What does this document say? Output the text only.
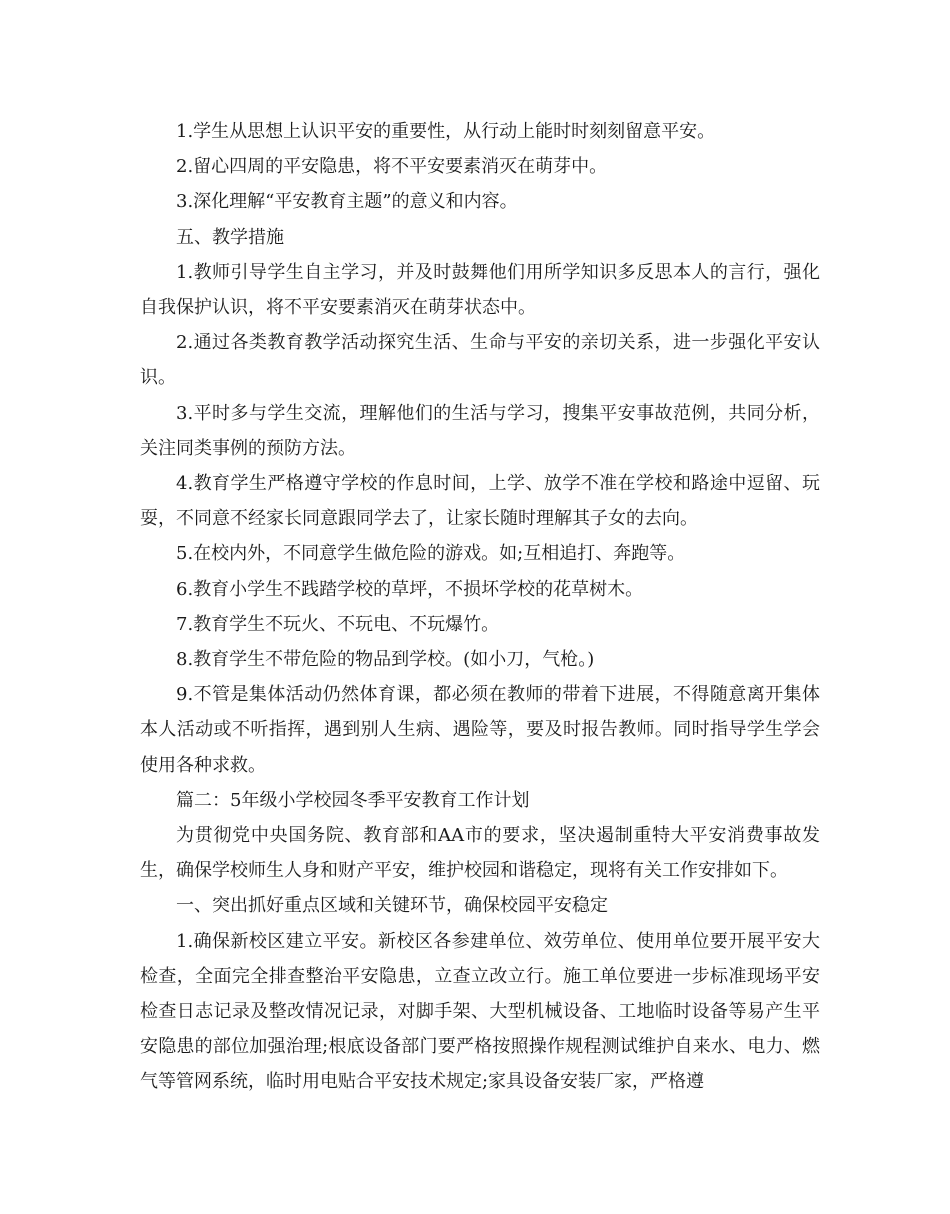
1.学生从思想上认识平安的重要性，从行动上能时时刻刻留意平安。

2.留心四周的平安隐患，将不平安要素消灭在萌芽中。

3.深化理解“平安教育主题”的意义和内容。

五、教学措施

1.教师引导学生自主学习，并及时鼓舞他们用所学知识多反思本人的言行，强化自我保护认识，将不平安要素消灭在萌芽状态中。

2.通过各类教育教学活动探究生活、生命与平安的亲切关系，进一步强化平安认识。

3.平时多与学生交流，理解他们的生活与学习，搜集平安事故范例，共同分析，关注同类事例的预防方法。

4.教育学生严格遵守学校的作息时间，上学、放学不准在学校和路途中逗留、玩耍，不同意不经家长同意跟同学去了，让家长随时理解其子女的去向。

5.在校内外，不同意学生做危险的游戏。如;互相追打、奔跑等。

6.教育小学生不践踏学校的草坪，不损坏学校的花草树木。

7.教育学生不玩火、不玩电、不玩爆竹。

8.教育学生不带危险的物品到学校。(如小刀，气枪。)

9.不管是集体活动仍然体育课，都必须在教师的带着下进展，不得随意离开集体本人活动或不听指挥，遇到别人生病、遇险等，要及时报告教师。同时指导学生学会使用各种求救。

篇二：5年级小学校园冬季平安教育工作计划

为贯彻党中央国务院、教育部和AA市的要求，坚决遏制重特大平安消费事故发生，确保学校师生人身和财产平安，维护校园和谐稳定，现将有关工作安排如下。

一、突出抓好重点区域和关键环节，确保校园平安稳定

1.确保新校区建立平安。新校区各参建单位、效劳单位、使用单位要开展平安大检查，全面完全排查整治平安隐患，立查立改立行。施工单位要进一步标准现场平安检查日志记录及整改情况记录，对脚手架、大型机械设备、工地临时设备等易产生平安隐患的部位加强治理;根底设备部门要严格按照操作规程测试维护自来水、电力、燃气等管网系统，临时用电贴合平安技术规定;家具设备安装厂家，严格遵
